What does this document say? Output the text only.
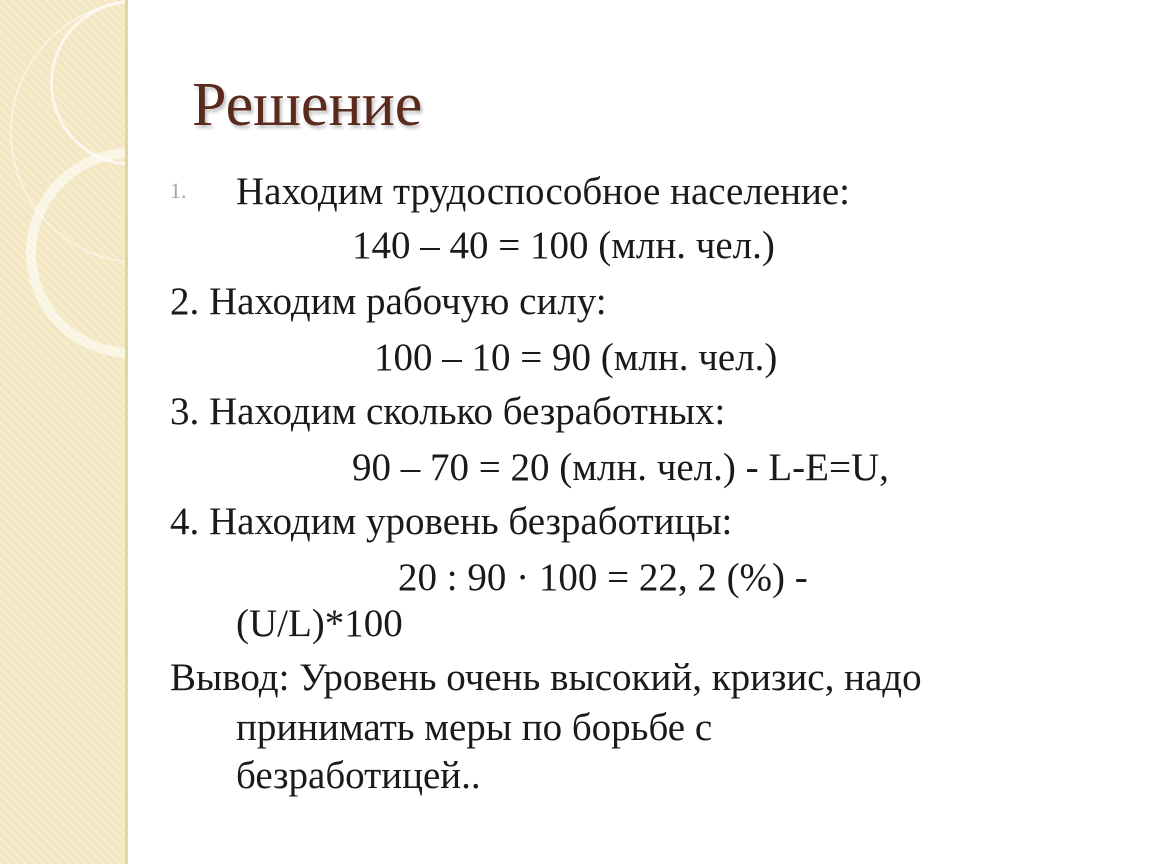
Решение
1. Находим трудоспособное население:

140 – 40 = 100 (млн. чел.)

2. Находим рабочую силу:

100 – 10 = 90 (млн. чел.)

3. Находим сколько безработных:

90 – 70 = 20 (млн. чел.) - L-E=U,

4. Находим уровень безработицы:

20 : 90 · 100 = 22, 2 (%) -

(U/L)*100

Вывод: Уровень очень высокий, кризис, надо

принимать меры по борьбе с

безработицей..
